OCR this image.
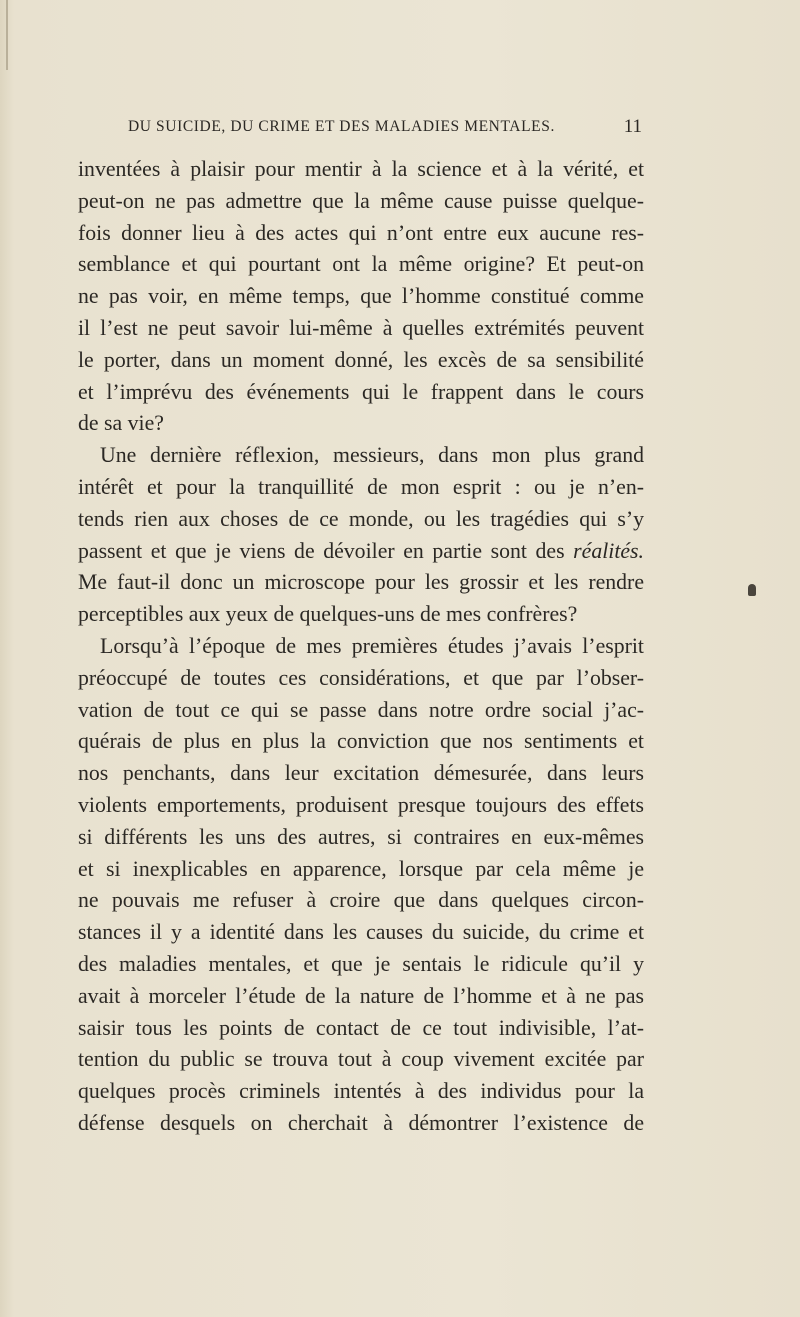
DU SUICIDE, DU CRIME ET DES MALADIES MENTALES.	11
inventées à plaisir pour mentir à la science et à la vérité, et
peut-on ne pas admettre que la même cause puisse quelque-
fois donner lieu à des actes qui n’ont entre eux aucune res-
semblance et qui pourtant ont la même origine? Et peut-on
ne pas voir, en même temps, que l’homme constitué comme
il l’est ne peut savoir lui-même à quelles extrémités peuvent
le porter, dans un moment donné, les excès de sa sensibilité
et l’imprévu des événements qui le frappent dans le cours
de sa vie?
Une dernière réflexion, messieurs, dans mon plus grand
intérêt et pour la tranquillité de mon esprit : ou je n’en-
tends rien aux choses de ce monde, ou les tragédies qui s’y
passent et que je viens de dévoiler en partie sont des réalités.
Me faut-il donc un microscope pour les grossir et les rendre
perceptibles aux yeux de quelques-uns de mes confrères?
Lorsqu’à l’époque de mes premières études j’avais l’esprit
préoccupé de toutes ces considérations, et que par l’obser-
vation de tout ce qui se passe dans notre ordre social j’ac-
quérais de plus en plus la conviction que nos sentiments et
nos penchants, dans leur excitation démesurée, dans leurs
violents emportements, produisent presque toujours des effets
si différents les uns des autres, si contraires en eux-mêmes
et si inexplicables en apparence, lorsque par cela même je
ne pouvais me refuser à croire que dans quelques circon-
stances il y a identité dans les causes du suicide, du crime et
des maladies mentales, et que je sentais le ridicule qu’il y
avait à morceler l’étude de la nature de l’homme et à ne pas
saisir tous les points de contact de ce tout indivisible, l’at-
tention du public se trouva tout à coup vivement excitée par
quelques procès criminels intentés à des individus pour la
défense desquels on cherchait à démontrer l’existence de
